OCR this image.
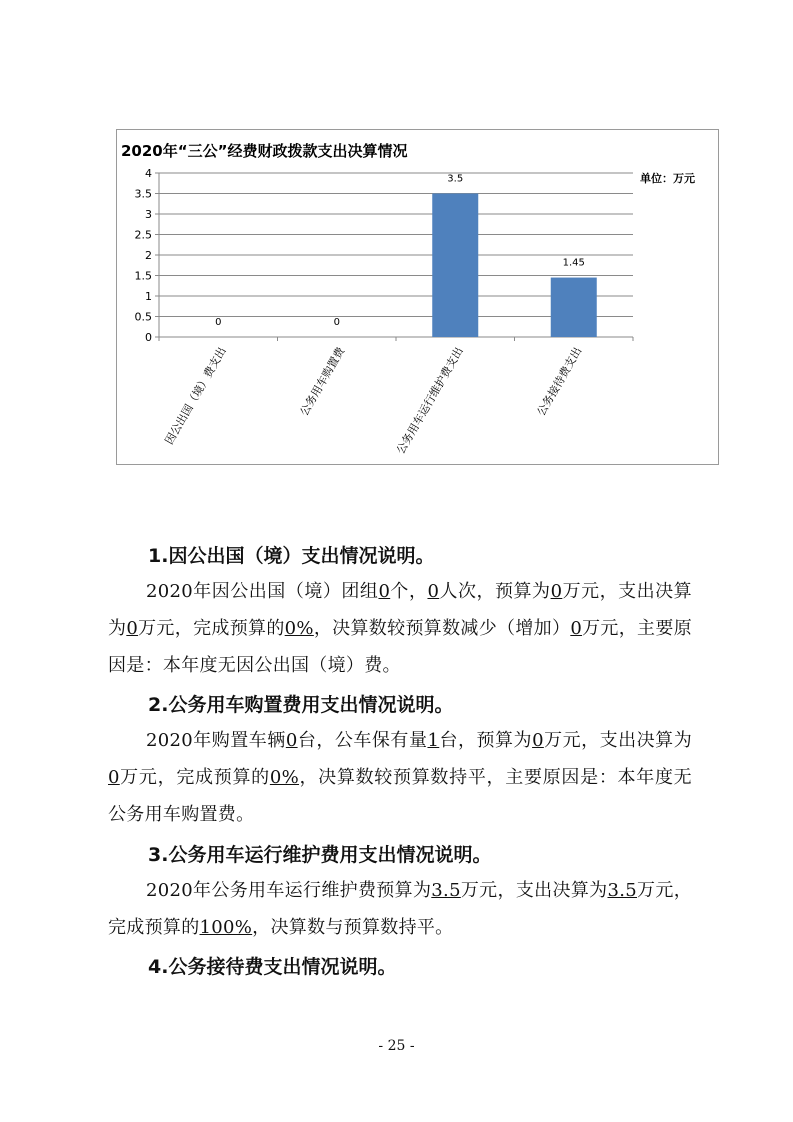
2020年“三公”经费财政拨款支出决算情况
单位：万元
0
0.5
1
1.5
2
2.5
3
3.5
4
0
因公出国（境）费支出
0
公务用车购置费
3.5
公务用车运行维护费支出
1.45
公务接待费支出
1.因公出国（境）支出情况说明。
2020年因公出国（境）团组0个，0人次，预算为0万元，支出决算为0万元，完成预算的0%，决算数较预算数减少（增加）0万元，主要原因是：本年度无因公出国（境）费。
2.公务用车购置费用支出情况说明。
2020年购置车辆0台，公车保有量1台，预算为0万元，支出决算为0万元，完成预算的0%，决算数较预算数持平，主要原因是：本年度无公务用车购置费。
3.公务用车运行维护费用支出情况说明。
2020年公务用车运行维护费预算为3.5万元，支出决算为3.5万元，完成预算的100%，决算数与预算数持平。
4.公务接待费支出情况说明。
- 25 -
